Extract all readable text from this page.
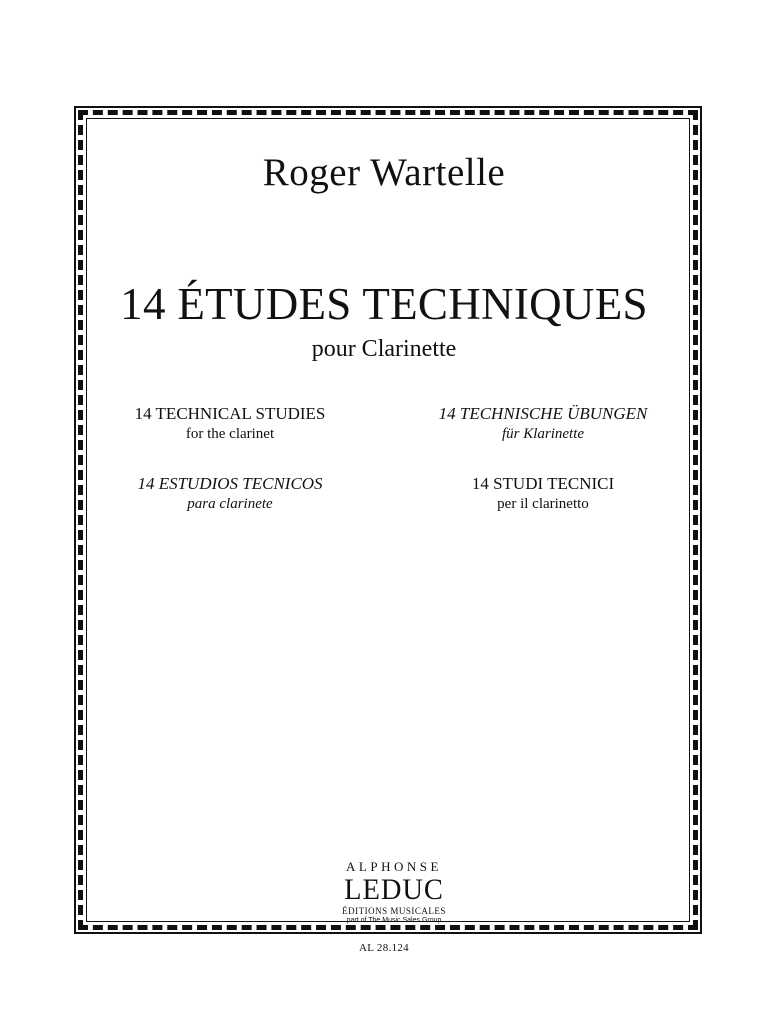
Roger Wartelle
14 ÉTUDES TECHNIQUES
pour Clarinette
14 TECHNICAL STUDIES
for the clarinet
14 TECHNISCHE ÜBUNGEN
für Klarinette
14 ESTUDIOS TECNICOS
para clarinete
14 STUDI TECNICI
per il clarinetto
ALPHONSE
LEDUC
ÉDITIONS MUSICALES
part of The Music Sales Group
AL 28.124
